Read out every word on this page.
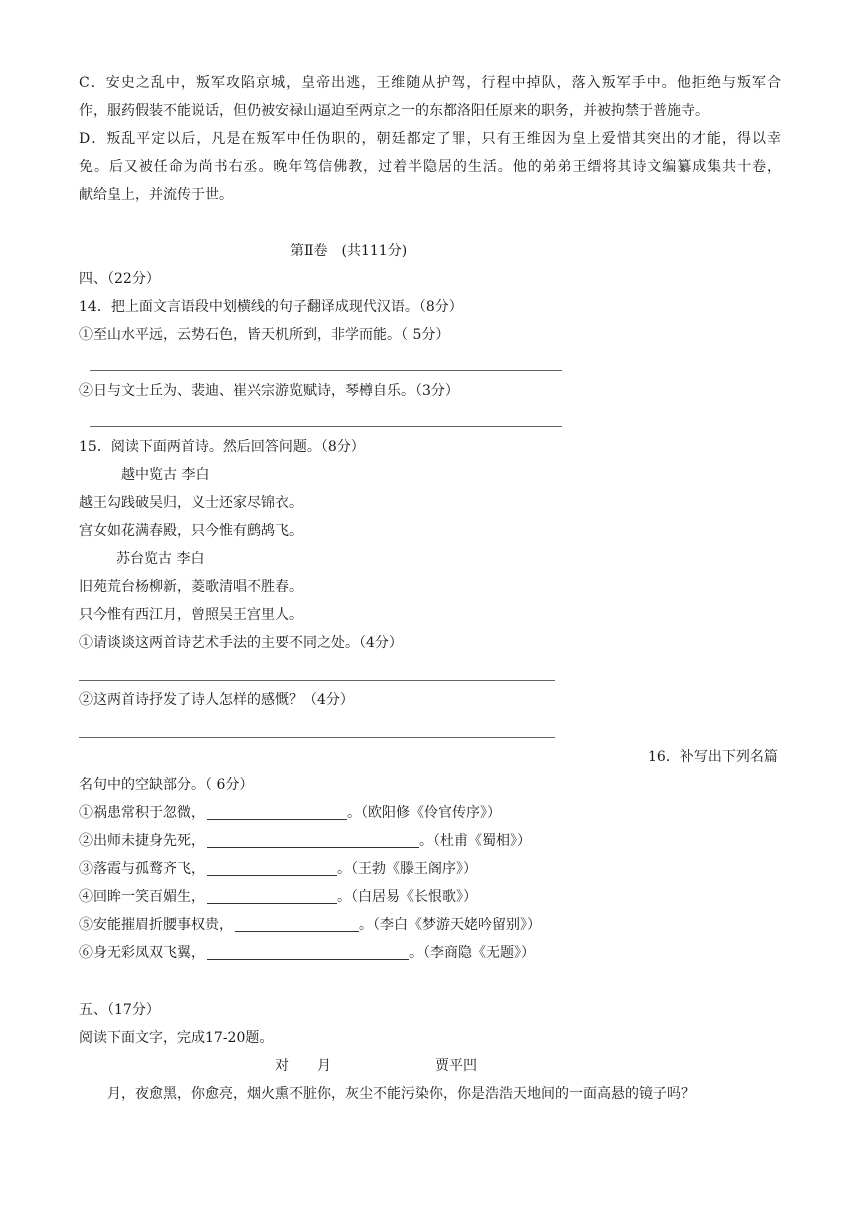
C．安史之乱中，叛军攻陷京城，皇帝出逃，王维随从护驾，行程中掉队，落入叛军手中。他拒绝与叛军合
作，服药假装不能说话，但仍被安禄山逼迫至两京之一的东都洛阳任原来的职务，并被拘禁于普施寺。
D．叛乱平定以后，凡是在叛军中任伪职的，朝廷都定了罪，只有王维因为皇上爱惜其突出的才能，得以幸
免。后又被任命为尚书右丞。晚年笃信佛教，过着半隐居的生活。他的弟弟王缙将其诗文编纂成集共十卷，
献给皇上，并流传于世。
第Ⅱ卷　(共111分)
四、（22分）
14．把上面文言语段中划横线的句子翻译成现代汉语。（8分）
①至山水平远，云势石色，皆天机所到，非学而能。（ 5分）
②日与文士丘为、裴迪、崔兴宗游览赋诗，琴樽自乐。（3分）
15．阅读下面两首诗。然后回答问题。（8分）
越中览古 李白
越王勾践破吴归，义士还家尽锦衣。
宫女如花满春殿，只今惟有鹧鸪飞。
苏台览古 李白
旧苑荒台杨柳新，菱歌清唱不胜春。
只今惟有西江月，曾照吴王宫里人。
①请谈谈这两首诗艺术手法的主要不同之处。（4分）
②这两首诗抒发了诗人怎样的感慨？（4分）
16．补写出下列名篇
名句中的空缺部分。（ 6分）
①祸患常积于忽微，	。（欧阳修《伶官传序》）
②出师未捷身先死，	。（杜甫《蜀相》）
③落霞与孤鹜齐飞，	。（王勃《滕王阁序》）
④回眸一笑百媚生，	。（白居易《长恨歌》）
⑤安能摧眉折腰事权贵，	。（李白《梦游天姥吟留别》）
⑥身无彩凤双飞翼，	。（李商隐《无题》）
五、（17分）
阅读下面文字，完成17-20题。
对　　月	贾平凹
月，夜愈黑，你愈亮，烟火熏不脏你，灰尘不能污染你，你是浩浩天地间的一面高悬的镜子吗？
